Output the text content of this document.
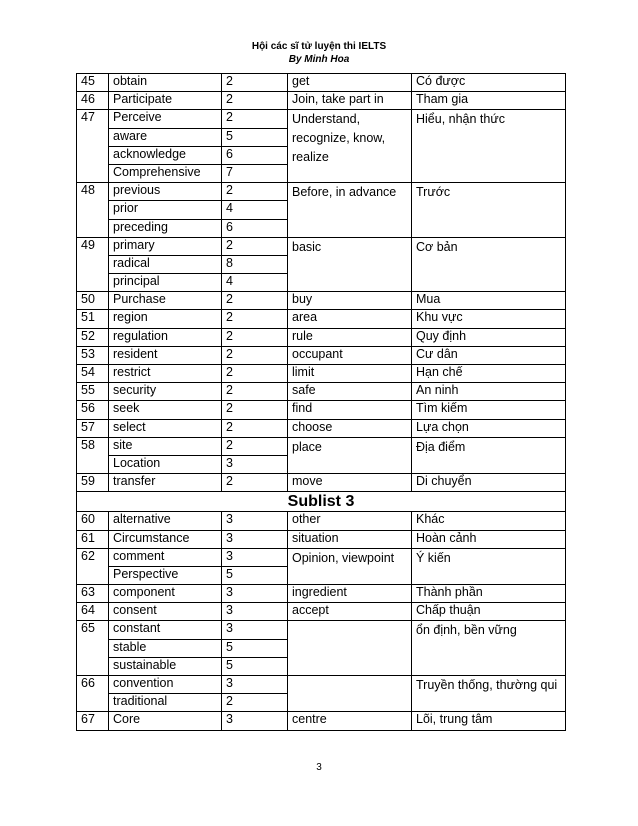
Hội các sĩ tử luyện thi IELTS
By Minh Hoa
45	obtain	2	get	Có được
46	Participate	2	Join, take part in	Tham gia
47	Perceive	2	Understand, recognize, know, realize	Hiểu, nhận thức
	aware	5		
	acknowledge	6		
	Comprehensive	7		
48	previous	2	Before, in advance	Trước
	prior	4		
	preceding	6		
49	primary	2	basic	Cơ bản
	radical	8		
	principal	4		
50	Purchase	2	buy	Mua
51	region	2	area	Khu vực
52	regulation	2	rule	Quy định
53	resident	2	occupant	Cư dân
54	restrict	2	limit	Hạn chế
55	security	2	safe	An ninh
56	seek	2	find	Tìm kiếm
57	select	2	choose	Lựa chọn
58	site	2	place	Địa điểm
	Location	3		
59	transfer	2	move	Di chuyển
Sublist 3				
60	alternative	3	other	Khác
61	Circumstance	3	situation	Hoàn cảnh
62	comment	3	Opinion, viewpoint	Ý kiến
	Perspective	5		
63	component	3	ingredient	Thành phần
64	consent	3	accept	Chấp thuận
65	constant	3		ổn định, bền vững
	stable	5		
	sustainable	5		
66	convention	3		Truyền thống, thường qui
	traditional	2		
67	Core	3	centre	Lõi, trung tâm
3
